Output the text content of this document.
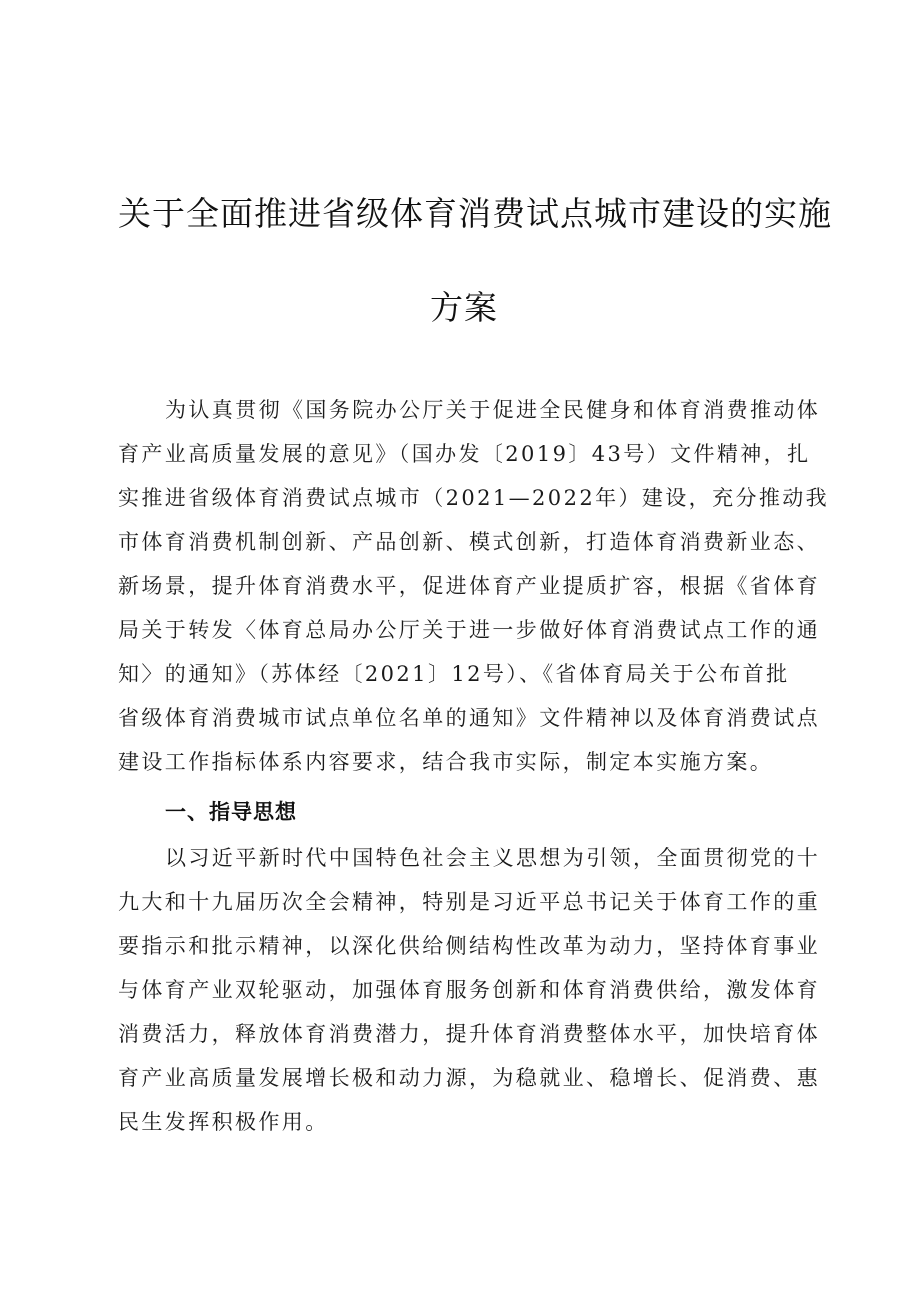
关于全面推进省级体育消费试点城市建设的实施
方案
为认真贯彻《国务院办公厅关于促进全民健身和体育消费推动体
育产业高质量发展的意见》（国办发〔2019〕43号）文件精神，扎
实推进省级体育消费试点城市（2021—2022年）建设，充分推动我
市体育消费机制创新、产品创新、模式创新，打造体育消费新业态、
新场景，提升体育消费水平，促进体育产业提质扩容，根据《省体育
局关于转发〈体育总局办公厅关于进一步做好体育消费试点工作的通
知〉的通知》（苏体经〔2021〕12号）、《省体育局关于公布首批
省级体育消费城市试点单位名单的通知》文件精神以及体育消费试点
建设工作指标体系内容要求，结合我市实际，制定本实施方案。
一、指导思想
以习近平新时代中国特色社会主义思想为引领，全面贯彻党的十
九大和十九届历次全会精神，特别是习近平总书记关于体育工作的重
要指示和批示精神，以深化供给侧结构性改革为动力，坚持体育事业
与体育产业双轮驱动，加强体育服务创新和体育消费供给，激发体育
消费活力，释放体育消费潜力，提升体育消费整体水平，加快培育体
育产业高质量发展增长极和动力源，为稳就业、稳增长、促消费、惠
民生发挥积极作用。
